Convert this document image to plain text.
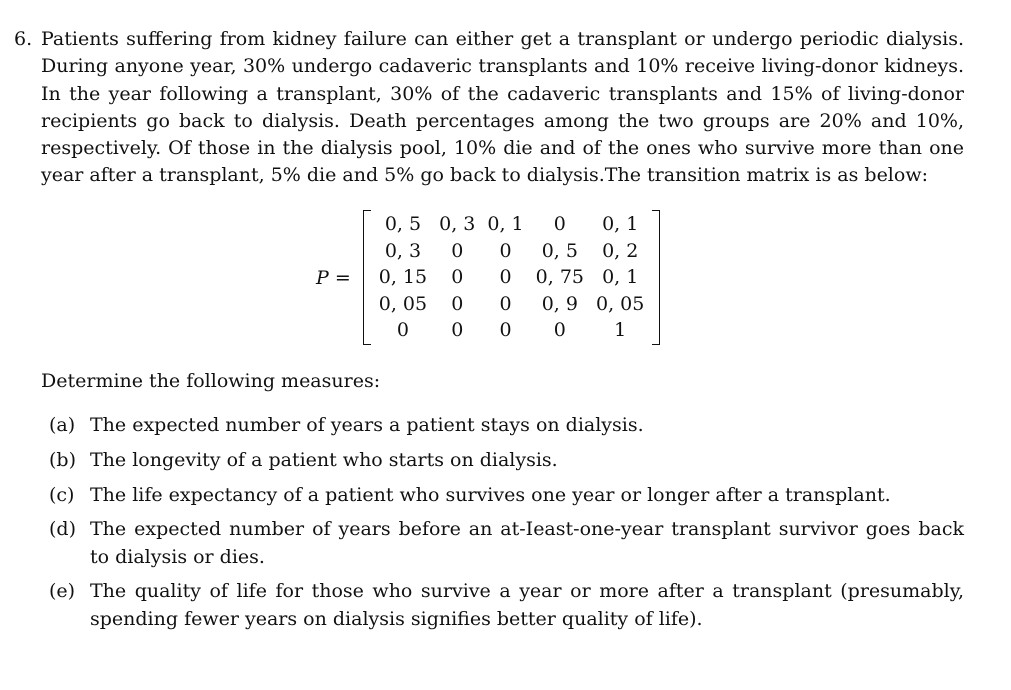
6. Patients suffering from kidney failure can either get a transplant or undergo periodic dialysis. During anyone year, 30% undergo cadaveric transplants and 10% receive living-donor kidneys. In the year following a transplant, 30% of the cadaveric transplants and 15% of living-donor recipients go back to dialysis. Death percentages among the two groups are 20% and 10%, respectively. Of those in the dialysis pool, 10% die and of the ones who survive more than one year after a transplant, 5% die and 5% go back to dialysis.The transition matrix is as below:
P =
0, 5	0, 3	0, 1	0	0, 1
0, 3	0	0	0, 5	0, 2
0, 15	0	0	0, 75	0, 1
0, 05	0	0	0, 9	0, 05
0	0	0	0	1
Determine the following measures:
(a) The expected number of years a patient stays on dialysis.
(b) The longevity of a patient who starts on dialysis.
(c) The life expectancy of a patient who survives one year or longer after a transplant.
(d) The expected number of years before an at-Ieast-one-year transplant survivor goes back to dialysis or dies.
(e) The quality of life for those who survive a year or more after a transplant (presumably, spending fewer years on dialysis signifies better quality of life).
